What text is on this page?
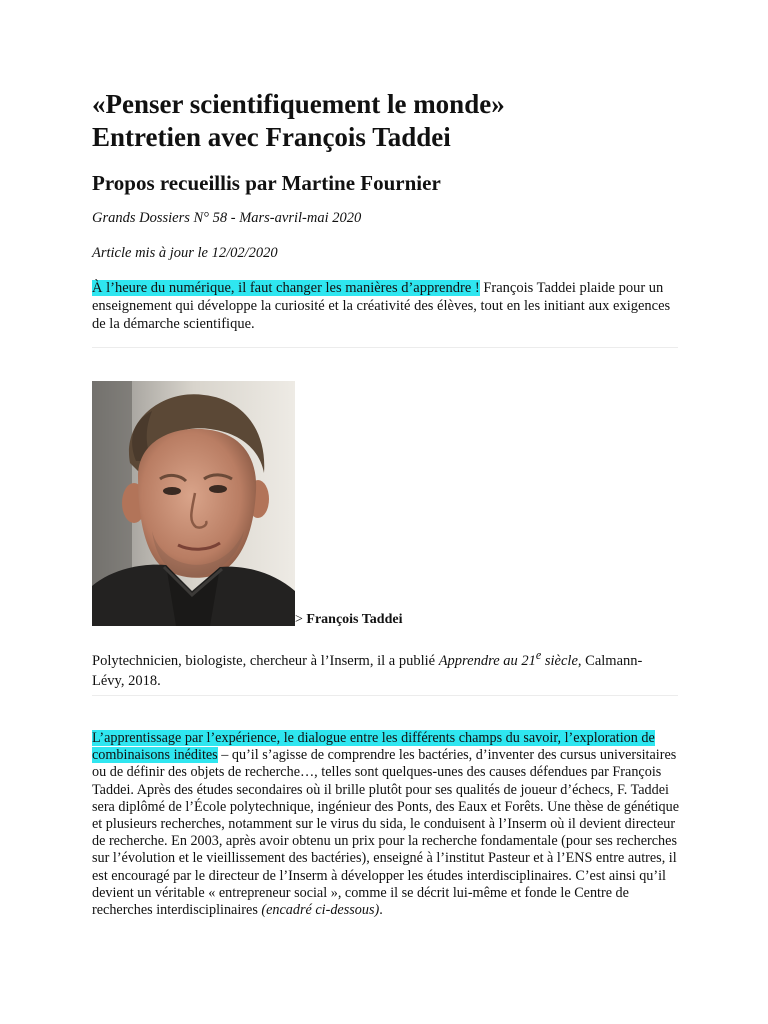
«Penser scientifiquement le monde»
Entretien avec François Taddei
Propos recueillis par Martine Fournier

Grands Dossiers N° 58 - Mars-avril-mai 2020

Article mis à jour le 12/02/2020

À l’heure du numérique, il faut changer les manières d’apprendre ! François Taddei plaide pour un enseignement qui développe la curiosité et la créativité des élèves, tout en les initiant aux exigences de la démarche scientifique.

> François Taddei

Polytechnicien, biologiste, chercheur à l’Inserm, il a publié Apprendre au 21e siècle, Calmann-Lévy, 2018.

L’apprentissage par l’expérience, le dialogue entre les différents champs du savoir, l’exploration de combinaisons inédites – qu’il s’agisse de comprendre les bactéries, d’inventer des cursus universitaires ou de définir des objets de recherche…, telles sont quelques-unes des causes défendues par François Taddei. Après des études secondaires où il brille plutôt pour ses qualités de joueur d’échecs, F. Taddei sera diplômé de l’École polytechnique, ingénieur des Ponts, des Eaux et Forêts. Une thèse de génétique et plusieurs recherches, notamment sur le virus du sida, le conduisent à l’Inserm où il devient directeur de recherche. En 2003, après avoir obtenu un prix pour la recherche fondamentale (pour ses recherches sur l’évolution et le vieillissement des bactéries), enseigné à l’institut Pasteur et à l’ENS entre autres, il est encouragé par le directeur de l’Inserm à développer les études interdisciplinaires. C’est ainsi qu’il devient un véritable « entrepreneur social », comme il se décrit lui-même et fonde le Centre de recherches interdisciplinaires (encadré ci-dessous).
